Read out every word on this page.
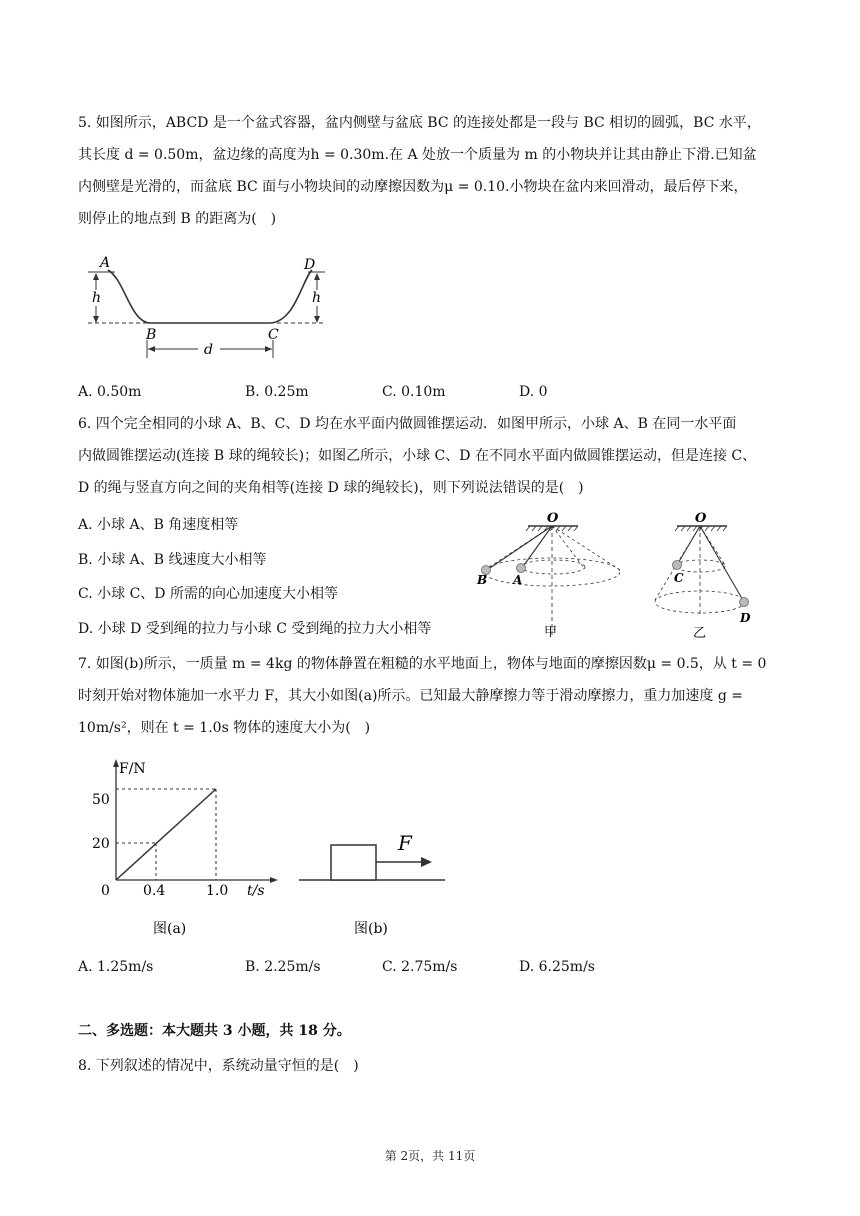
5. 如图所示，ABCD 是一个盆式容器，盆内侧壁与盆底 BC 的连接处都是一段与 BC 相切的圆弧，BC 水平，
其长度 d = 0.50m，盆边缘的高度为h = 0.30m.在 A 处放一个质量为 m 的小物块并让其由静止下滑.已知盆
内侧壁是光滑的，而盆底 BC 面与小物块间的动摩擦因数为μ = 0.10.小物块在盆内来回滑动，最后停下来，
则停止的地点到 B 的距离为(　)
h
A
h
D
B	C
d
A. 0.50m	B. 0.25m	C. 0.10m	D. 0
6. 四个完全相同的小球 A、B、C、D 均在水平面内做圆锥摆运动．如图甲所示，小球 A、B 在同一水平面
内做圆锥摆运动(连接 B 球的绳较长)；如图乙所示，小球 C、D 在不同水平面内做圆锥摆运动，但是连接 C、
D 的绳与竖直方向之间的夹角相等(连接 D 球的绳较长)，则下列说法错误的是(　)
A. 小球 A、B 角速度相等
B. 小球 A、B 线速度大小相等
C. 小球 C、D 所需的向心加速度大小相等
D. 小球 D 受到绳的拉力与小球 C 受到绳的拉力大小相等
O
B A
甲
O
C
D
乙
7. 如图(b)所示，一质量 m = 4kg 的物体静置在粗糙的水平地面上，物体与地面的摩擦因数μ = 0.5，从 t = 0
时刻开始对物体施加一水平力 F，其大小如图(a)所示。已知最大静摩擦力等于滑动摩擦力，重力加速度 g =
10m/s²，则在 t = 1.0s 物体的速度大小为(　)
F/N
t/s
50
20
0 0.4	1.0
图(a)
F
图(b)
A. 1.25m/s	B. 2.25m/s	C. 2.75m/s	D. 6.25m/s
二、多选题：本大题共 3 小题，共 18 分。
8. 下列叙述的情况中，系统动量守恒的是(　)
第 2页，共 11页
